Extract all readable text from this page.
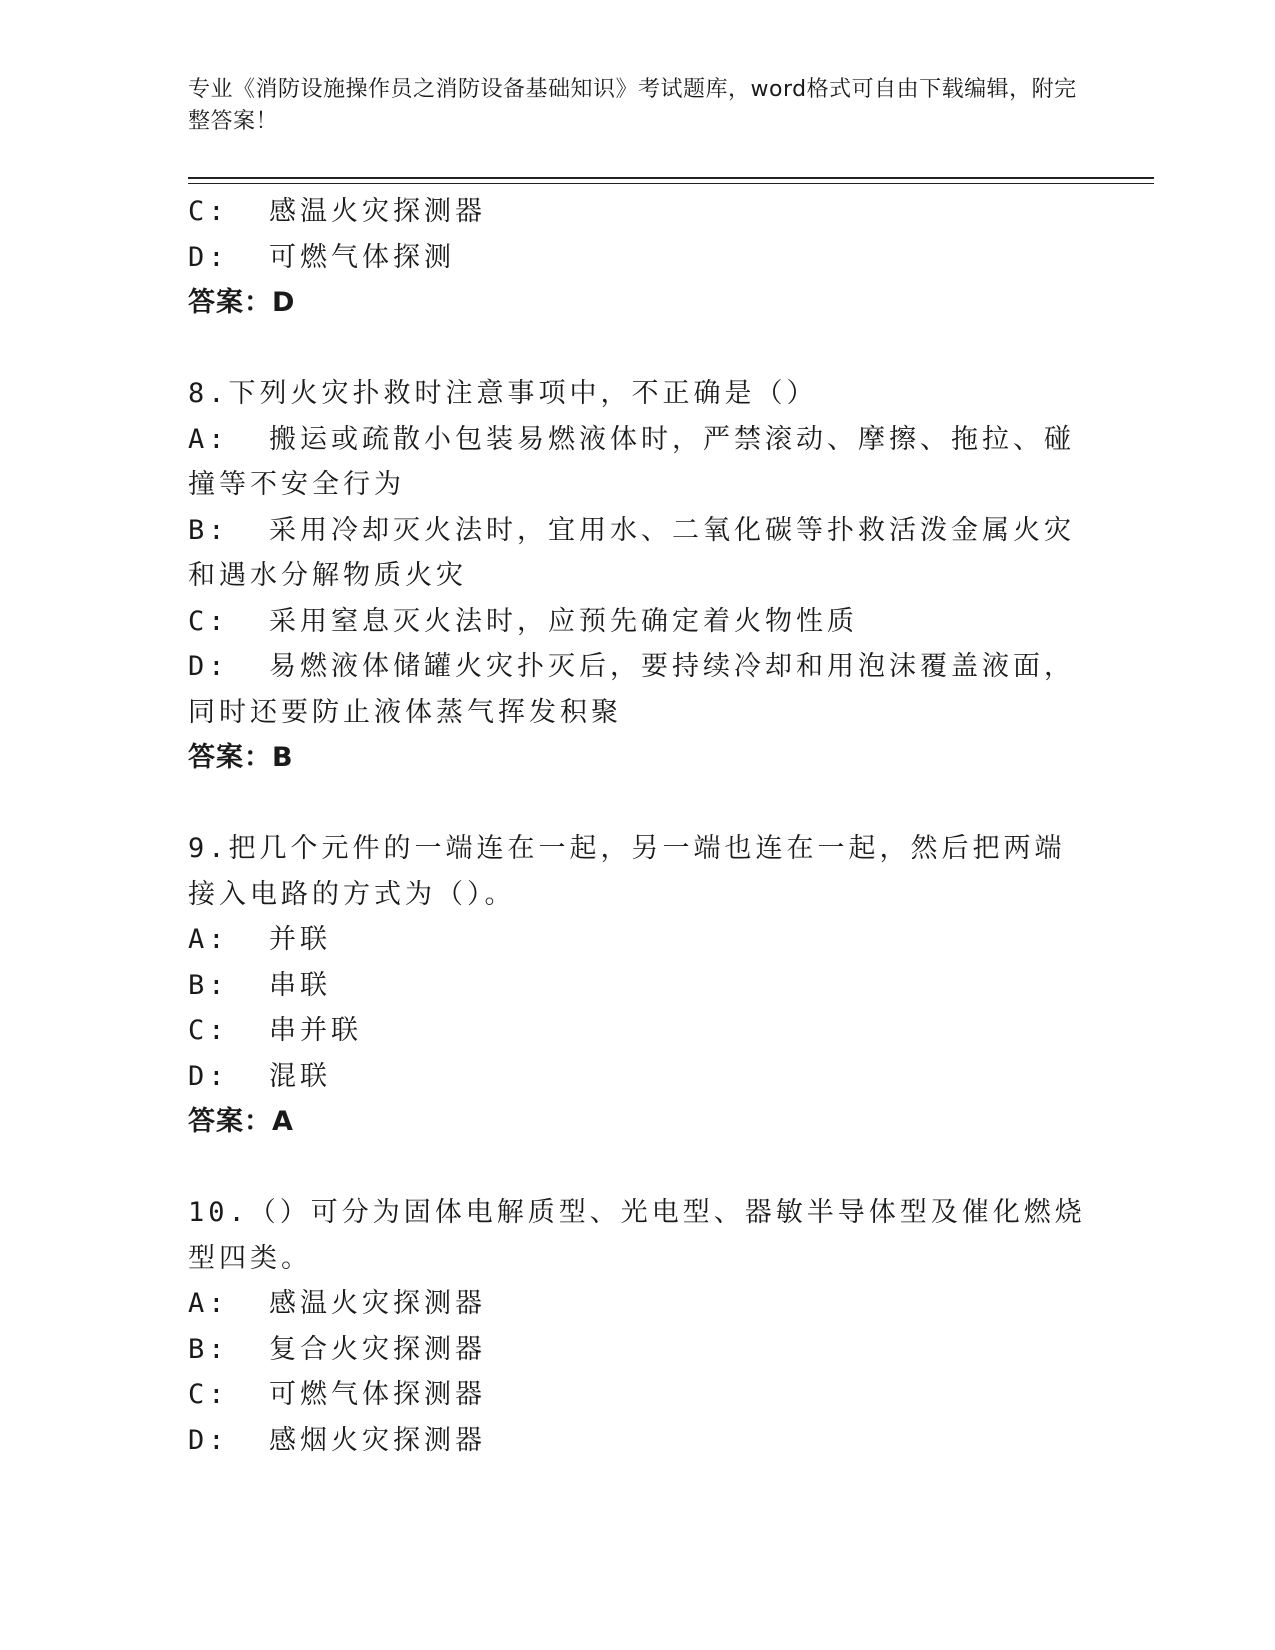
专业《消防设施操作员之消防设备基础知识》考试题库，word格式可自由下载编辑，附完整答案！
C:  感温火灾探测器
D:  可燃气体探测
答案：D
8.下列火灾扑救时注意事项中，不正确是（）
A:  搬运或疏散小包装易燃液体时，严禁滚动、摩擦、拖拉、碰撞等不安全行为
B:  采用冷却灭火法时，宜用水、二氧化碳等扑救活泼金属火灾和遇水分解物质火灾
C:  采用窒息灭火法时，应预先确定着火物性质
D:  易燃液体储罐火灾扑灭后，要持续冷却和用泡沫覆盖液面，同时还要防止液体蒸气挥发积聚
答案：B
9.把几个元件的一端连在一起，另一端也连在一起，然后把两端接入电路的方式为（）。
A:  并联
B:  串联
C:  串并联
D:  混联
答案：A
10.（）可分为固体电解质型、光电型、器敏半导体型及催化燃烧型四类。
A:  感温火灾探测器
B:  复合火灾探测器
C:  可燃气体探测器
D:  感烟火灾探测器
